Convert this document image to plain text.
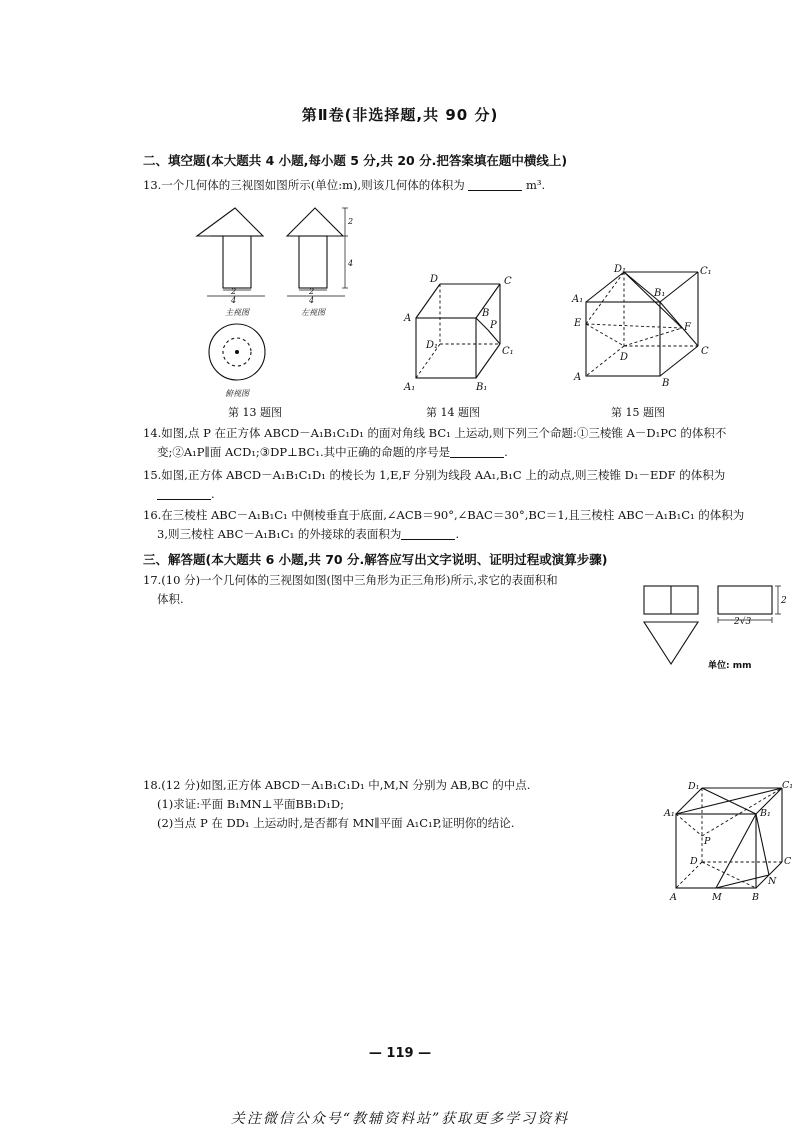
第Ⅱ卷(非选择题,共 90 分)
二、填空题(本大题共 4 小题,每小题 5 分,共 20 分.把答案填在题中横线上)
13.一个几何体的三视图如图所示(单位:m),则该几何体的体积为	m³.
2
4
2
4
2
4
主视图	左视图
俯视图
D	C
A	B
P
D₁
C₁
A₁	B₁
D₁	C₁
A₁
B₁
E	F
D
C
A
B
第 13 题图	第 14 题图	第 15 题图
14.如图,点 P 在正方体 ABCD－A₁B₁C₁D₁ 的面对角线 BC₁ 上运动,则下列三个命题:①三棱锥 A－D₁PC 的体积不
变;②A₁P∥面 ACD₁;③DP⊥BC₁.其中正确的命题的序号是	.
15.如图,正方体 ABCD－A₁B₁C₁D₁ 的棱长为 1,E,F 分别为线段 AA₁,B₁C 上的动点,则三棱锥 D₁－EDF 的体积为
.
16.在三棱柱 ABC－A₁B₁C₁ 中侧棱垂直于底面,∠ACB＝90°,∠BAC＝30°,BC＝1,且三棱柱 ABC－A₁B₁C₁ 的体积为
3,则三棱柱 ABC－A₁B₁C₁ 的外接球的表面积为	.
三、解答题(本大题共 6 小题,共 70 分.解答应写出文字说明、证明过程或演算步骤)
17.(10 分)一个几何体的三视图如图(图中三角形为正三角形)所示,求它的表面积和
体积.	2
2√3
单位: mm
18.(12 分)如图,正方体 ABCD－A₁B₁C₁D₁ 中,M,N 分别为 AB,BC 的中点.
(1)求证:平面 B₁MN⊥平面BB₁D₁D;
(2)当点 P 在 DD₁ 上运动时,是否都有 MN∥平面 A₁C₁P,证明你的结论.
D₁	C₁
A₁	B₁
P
D	C
N
A	M	B
— 119 —
关注微信公众号“教辅资料站”获取更多学习资料
